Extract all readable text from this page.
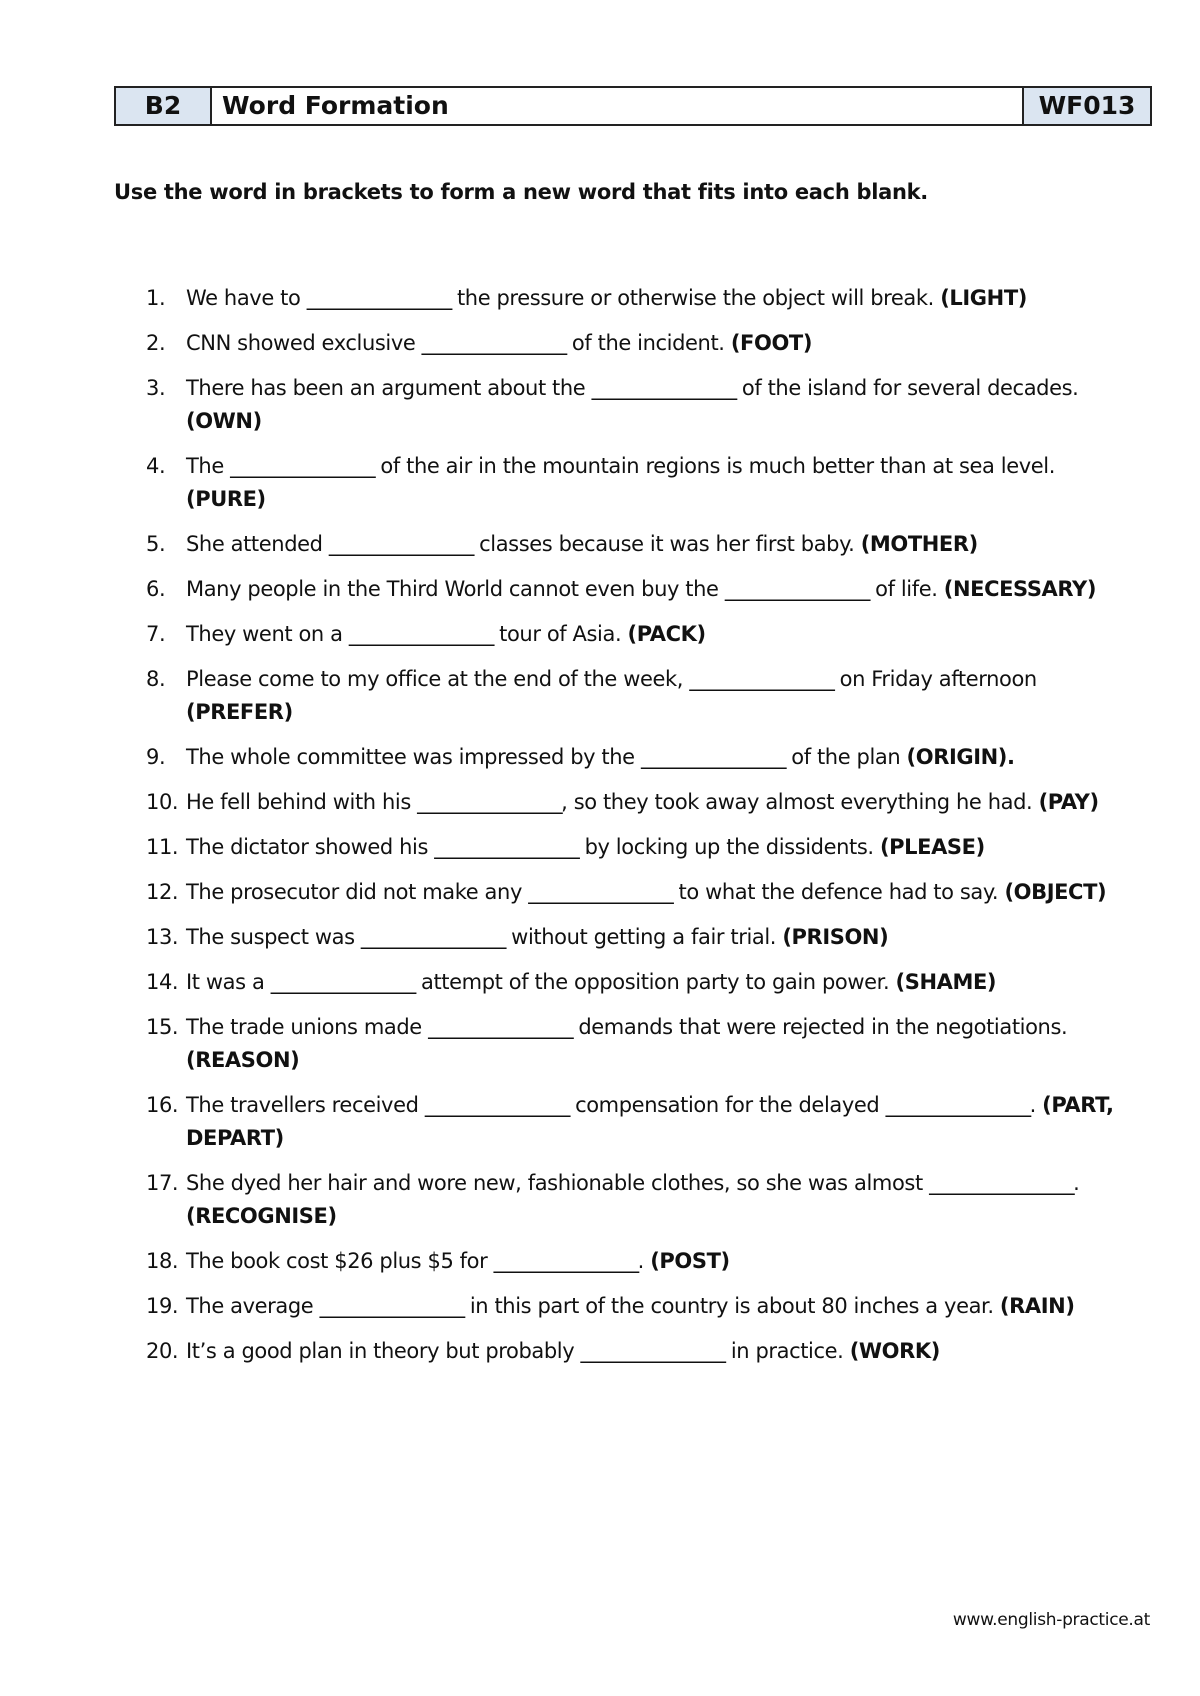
B2	Word Formation	WF013

Use the word in brackets to form a new word that fits into each blank.

1. We have to ________________ the pressure or otherwise the object will break. (LIGHT)
2. CNN showed exclusive ________________ of the incident. (FOOT)
3. There has been an argument about the ________________ of the island for several decades. (OWN)
4. The ________________ of the air in the mountain regions is much better than at sea level. (PURE)
5. She attended ________________ classes because it was her first baby. (MOTHER)
6. Many people in the Third World cannot even buy the ________________ of life. (NECESSARY)
7. They went on a ________________ tour of Asia. (PACK)
8. Please come to my office at the end of the week, ________________ on Friday afternoon (PREFER)
9. The whole committee was impressed by the ________________ of the plan (ORIGIN).
10. He fell behind with his ________________, so they took away almost everything he had. (PAY)
11. The dictator showed his ________________ by locking up the dissidents. (PLEASE)
12. The prosecutor did not make any ________________ to what the defence had to say. (OBJECT)
13. The suspect was ________________ without getting a fair trial. (PRISON)
14. It was a ________________ attempt of the opposition party to gain power. (SHAME)
15. The trade unions made ________________ demands that were rejected in the negotiations. (REASON)
16. The travellers received ________________ compensation for the delayed ________________. (PART, DEPART)
17. She dyed her hair and wore new, fashionable clothes, so she was almost ________________. (RECOGNISE)
18. The book cost $26 plus $5 for ________________. (POST)
19. The average ________________ in this part of the country is about 80 inches a year. (RAIN)
20. It’s a good plan in theory but probably ________________ in practice. (WORK)
www.english-practice.at
